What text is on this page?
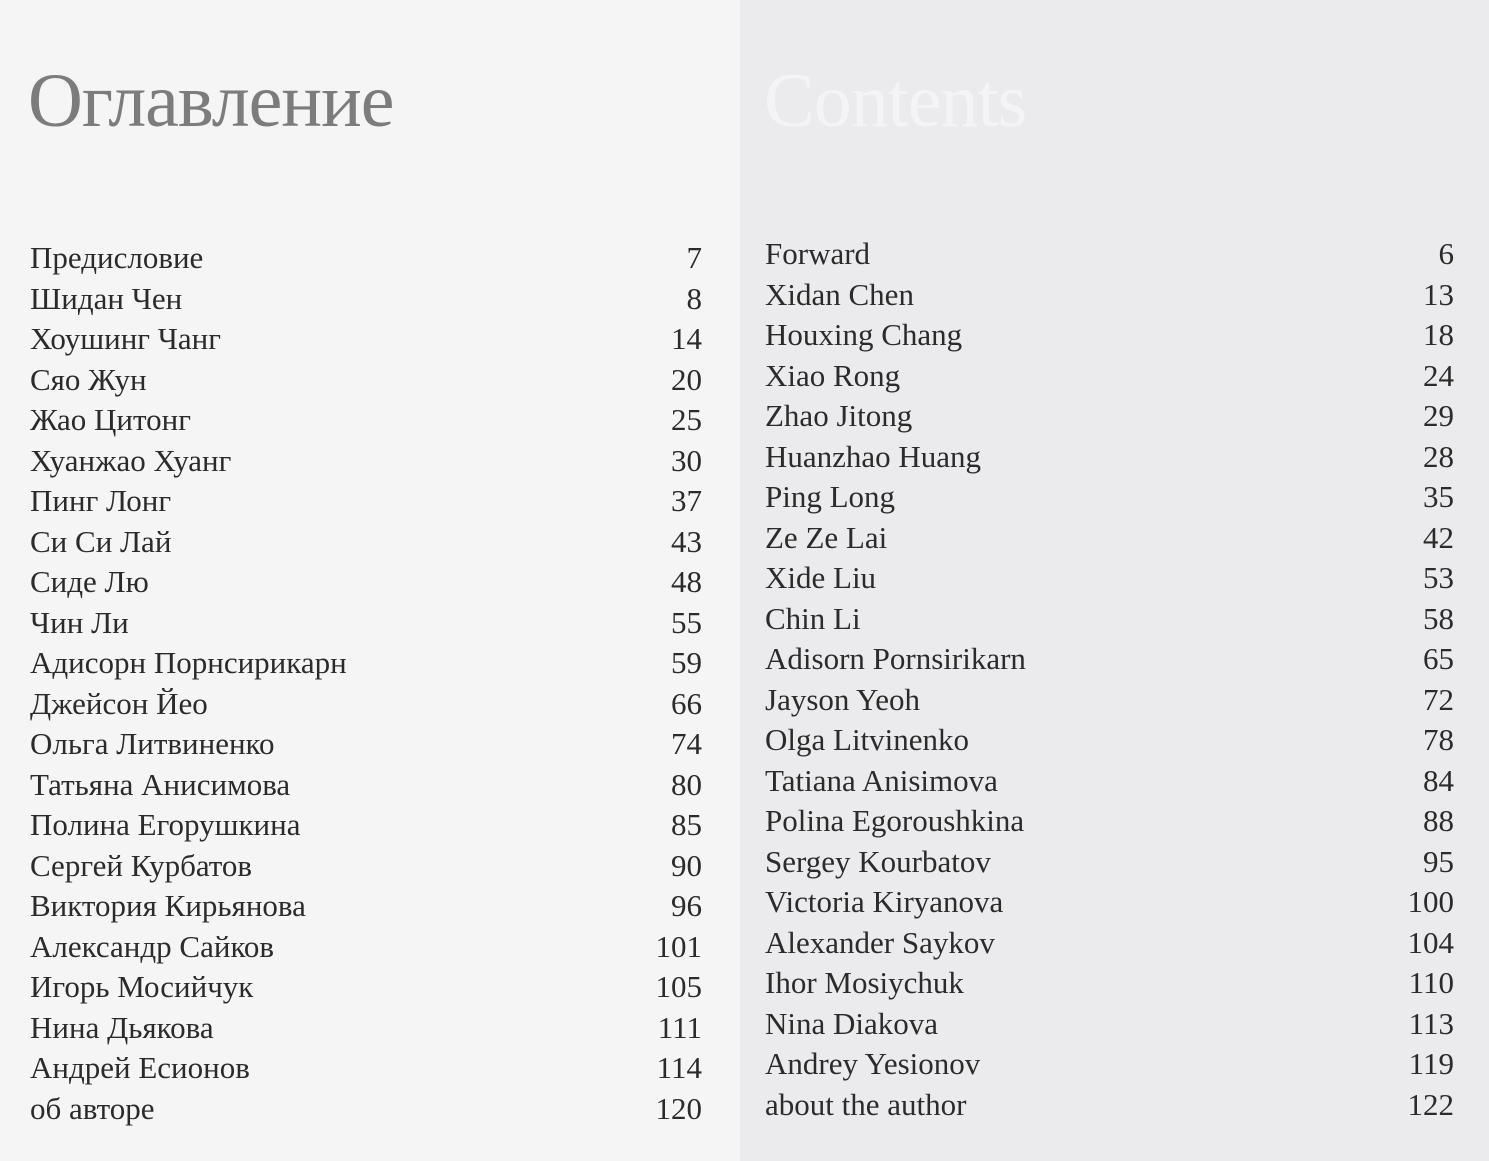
Оглавление
Предисловие	7
Шидан Чен	8
Хоушинг Чанг	14
Сяо Жун	20
Жао Цитонг	25
Хуанжао Хуанг	30
Пинг Лонг	37
Си Си Лай	43
Сиде Лю	48
Чин Ли	55
Адисорн Порнсирикарн	59
Джейсон Йео	66
Ольга Литвиненко	74
Татьяна Анисимова	80
Полина Егорушкина	85
Сергей Курбатов	90
Виктория Кирьянова	96
Александр Сайков	101
Игорь Мосийчук	105
Нина Дьякова	111
Андрей Есионов	114
об авторе	120
Contents
Forward	6
Xidan Chen	13
Houxing Chang	18
Xiao Rong	24
Zhao Jitong	29
Huanzhao Huang	28
Ping Long	35
Ze Ze Lai	42
Xide Liu	53
Chin Li	58
Adisorn Pornsirikarn	65
Jayson Yeoh	72
Olga Litvinenko	78
Tatiana Anisimova	84
Polina Egoroushkina	88
Sergey Kourbatov	95
Victoria Kiryanova	100
Alexander Saykov	104
Ihor Mosiychuk	110
Nina Diakova	113
Andrey Yesionov	119
about the author	122
